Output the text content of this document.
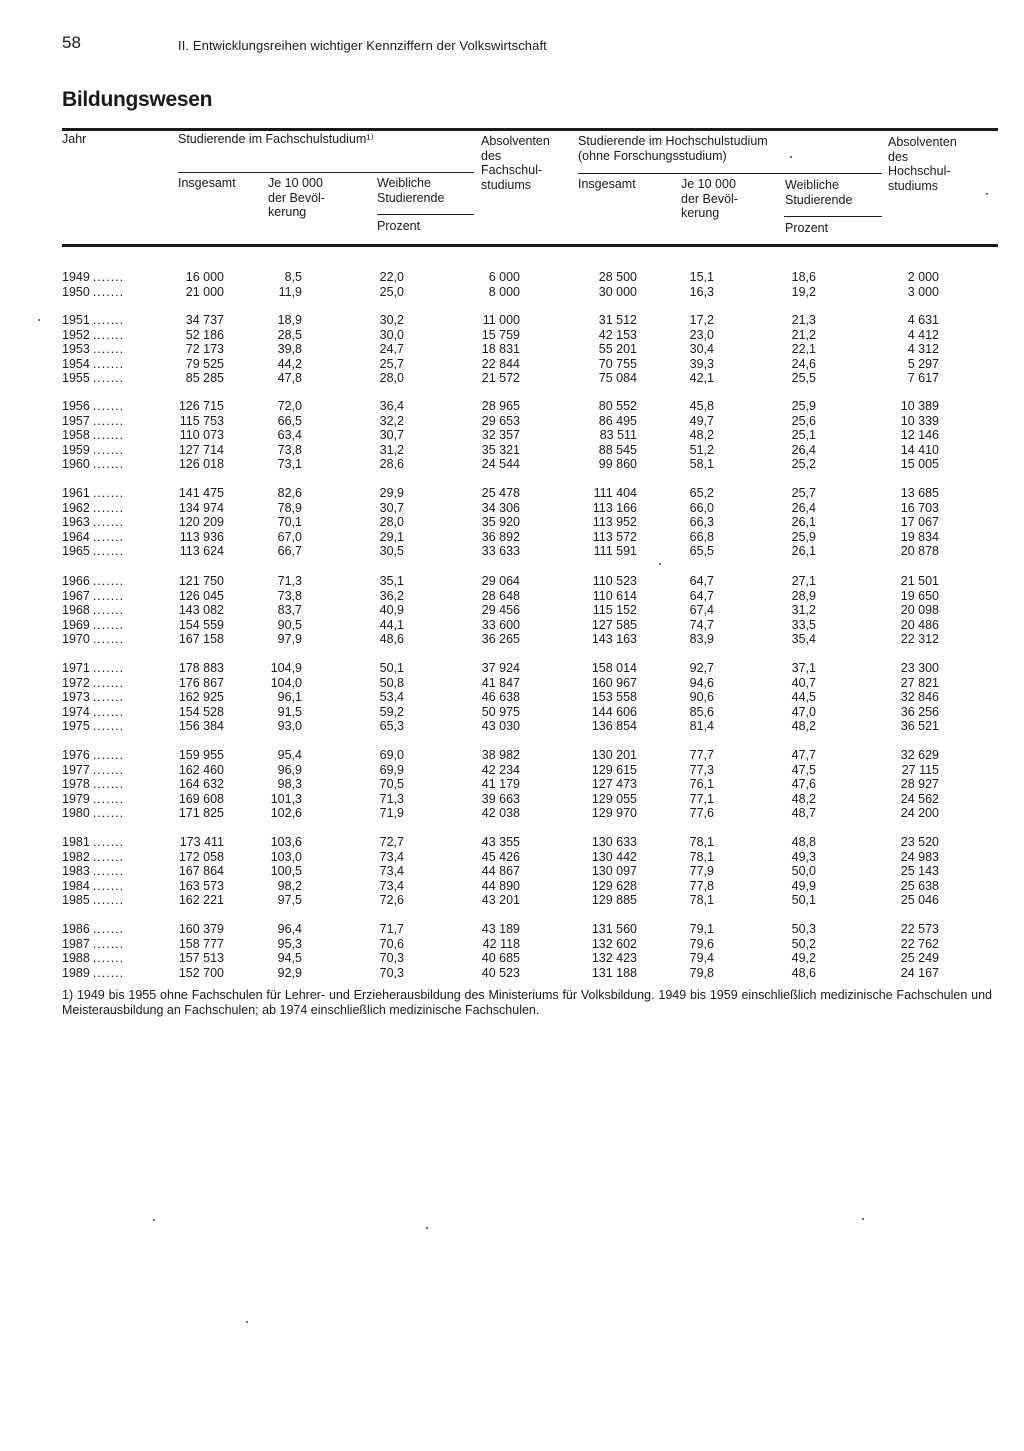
58	II. Entwicklungsreihen wichtiger Kennziffern der Volkswirtschaft
Bildungswesen
Jahr	Studierende im Fachschulstudium¹⁾
Insgesamt	Je 10 000
der Bevöl-
kerung
Weibliche
Studierende
Prozent
Absolventen
des
Fachschul-
studiums
Studierende im Hochschulstudium
(ohne Forschungsstudium)
Insgesamt	Je 10 000
der Bevöl-
kerung
Weibliche
Studierende
Prozent
Absolventen
des
Hochschul-
studiums
1949 .......	16 000	8,5	22,0	6 000	28 500	15,1	18,6	2 000
1950 .......	21 000	11,9	25,0	8 000	30 000	16,3	19,2	3 000
1951 .......	34 737	18,9	30,2	11 000	31 512	17,2	21,3	4 631
1952 .......	52 186	28,5	30,0	15 759	42 153	23,0	21,2	4 412
1953 .......	72 173	39,8	24,7	18 831	55 201	30,4	22,1	4 312
1954 .......	79 525	44,2	25,7	22 844	70 755	39,3	24,6	5 297
1955 .......	85 285	47,8	28,0	21 572	75 084	42,1	25,5	7 617
1956 .......	126 715	72,0	36,4	28 965	80 552	45,8	25,9	10 389
1957 .......	115 753	66,5	32,2	29 653	86 495	49,7	25,6	10 339
1958 .......	110 073	63,4	30,7	32 357	83 511	48,2	25,1	12 146
1959 .......	127 714	73,8	31,2	35 321	88 545	51,2	26,4	14 410
1960 .......	126 018	73,1	28,6	24 544	99 860	58,1	25,2	15 005
1961 .......	141 475	82,6	29,9	25 478	111 404	65,2	25,7	13 685
1962 .......	134 974	78,9	30,7	34 306	113 166	66,0	26,4	16 703
1963 .......	120 209	70,1	28,0	35 920	113 952	66,3	26,1	17 067
1964 .......	113 936	67,0	29,1	36 892	113 572	66,8	25,9	19 834
1965 .......	113 624	66,7	30,5	33 633	111 591	65,5	26,1	20 878
1966 .......	121 750	71,3	35,1	29 064	110 523	64,7	27,1	21 501
1967 .......	126 045	73,8	36,2	28 648	110 614	64,7	28,9	19 650
1968 .......	143 082	83,7	40,9	29 456	115 152	67,4	31,2	20 098
1969 .......	154 559	90,5	44,1	33 600	127 585	74,7	33,5	20 486
1970 .......	167 158	97,9	48,6	36 265	143 163	83,9	35,4	22 312
1971 .......	178 883	104,9	50,1	37 924	158 014	92,7	37,1	23 300
1972 .......	176 867	104,0	50,8	41 847	160 967	94,6	40,7	27 821
1973 .......	162 925	96,1	53,4	46 638	153 558	90,6	44,5	32 846
1974 .......	154 528	91,5	59,2	50 975	144 606	85,6	47,0	36 256
1975 .......	156 384	93,0	65,3	43 030	136 854	81,4	48,2	36 521
1976 .......	159 955	95,4	69,0	38 982	130 201	77,7	47,7	32 629
1977 .......	162 460	96,9	69,9	42 234	129 615	77,3	47,5	27 115
1978 .......	164 632	98,3	70,5	41 179	127 473	76,1	47,6	28 927
1979 .......	169 608	101,3	71,3	39 663	129 055	77,1	48,2	24 562
1980 .......	171 825	102,6	71,9	42 038	129 970	77,6	48,7	24 200
1981 .......	173 411	103,6	72,7	43 355	130 633	78,1	48,8	23 520
1982 .......	172 058	103,0	73,4	45 426	130 442	78,1	49,3	24 983
1983 .......	167 864	100,5	73,4	44 867	130 097	77,9	50,0	25 143
1984 .......	163 573	98,2	73,4	44 890	129 628	77,8	49,9	25 638
1985 .......	162 221	97,5	72,6	43 201	129 885	78,1	50,1	25 046
1986 .......	160 379	96,4	71,7	43 189	131 560	79,1	50,3	22 573
1987 .......	158 777	95,3	70,6	42 118	132 602	79,6	50,2	22 762
1988 .......	157 513	94,5	70,3	40 685	132 423	79,4	49,2	25 249
1989 .......	152 700	92,9	70,3	40 523	131 188	79,8	48,6	24 167
1) 1949 bis 1955 ohne Fachschulen für Lehrer- und Erzieherausbildung des Ministeriums für Volksbildung. 1949 bis 1959 einschließlich medizinische Fachschulen und Meisterausbildung an Fachschulen; ab 1974 einschließlich medizinische Fachschulen.
